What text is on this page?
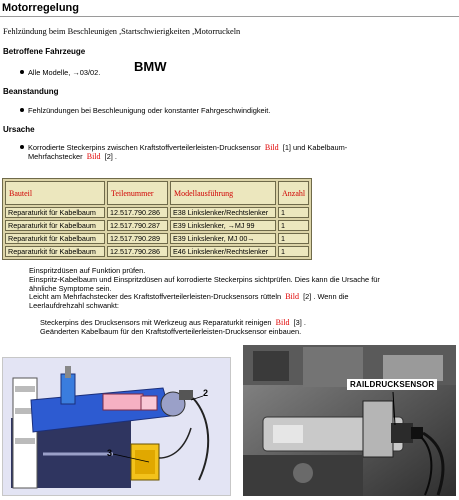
Motorregelung
Fehlzündung beim Beschleunigen ,Startschwierigkeiten ,Motorruckeln
Betroffene Fahrzeuge
Alle Modelle, →03/02.	BMW
Beanstandung
Fehlzündungen bei Beschleunigung oder konstanter Fahrgeschwindigkeit.
Ursache
Korrodierte Steckerpins zwischen Kraftstoffverteilerleisten-Drucksensor Bild [1] und Kabelbaum-
Mehrfachstecker Bild [2] .
Bauteil	Teilenummer	Modellausführung	Anzahl
Reparaturkit für Kabelbaum	12.517.790.286	E38 Linkslenker/Rechtslenker	1
Reparaturkit für Kabelbaum	12.517.790.287	E39 Linkslenker, →MJ 99	1
Reparaturkit für Kabelbaum	12.517.790.289	E39 Linkslenker, MJ 00→	1
Reparaturkit für Kabelbaum	12.517.790.286	E46 Linkslenker/Rechtslenker	1
Einspritzdüsen auf Funktion prüfen.
Einspritz-Kabelbaum und Einspritzdüsen auf korrodierte Steckerpins sichtprüfen. Dies kann die Ursache für
ähnliche Symptome sein.
Leicht am Mehrfachstecker des Kraftstoffverteilerleisten-Drucksensors rütteln Bild [2] . Wenn die
Leerlaufdrehzahl schwankt:
Steckerpins des Drucksensors mit Werkzeug aus Reparaturkit reinigen Bild [3] .
Geänderten Kabelbaum für den Kraftstoffverteilerleisten-Drucksensor einbauen.
2
3
RAILDRUCKSENSOR
